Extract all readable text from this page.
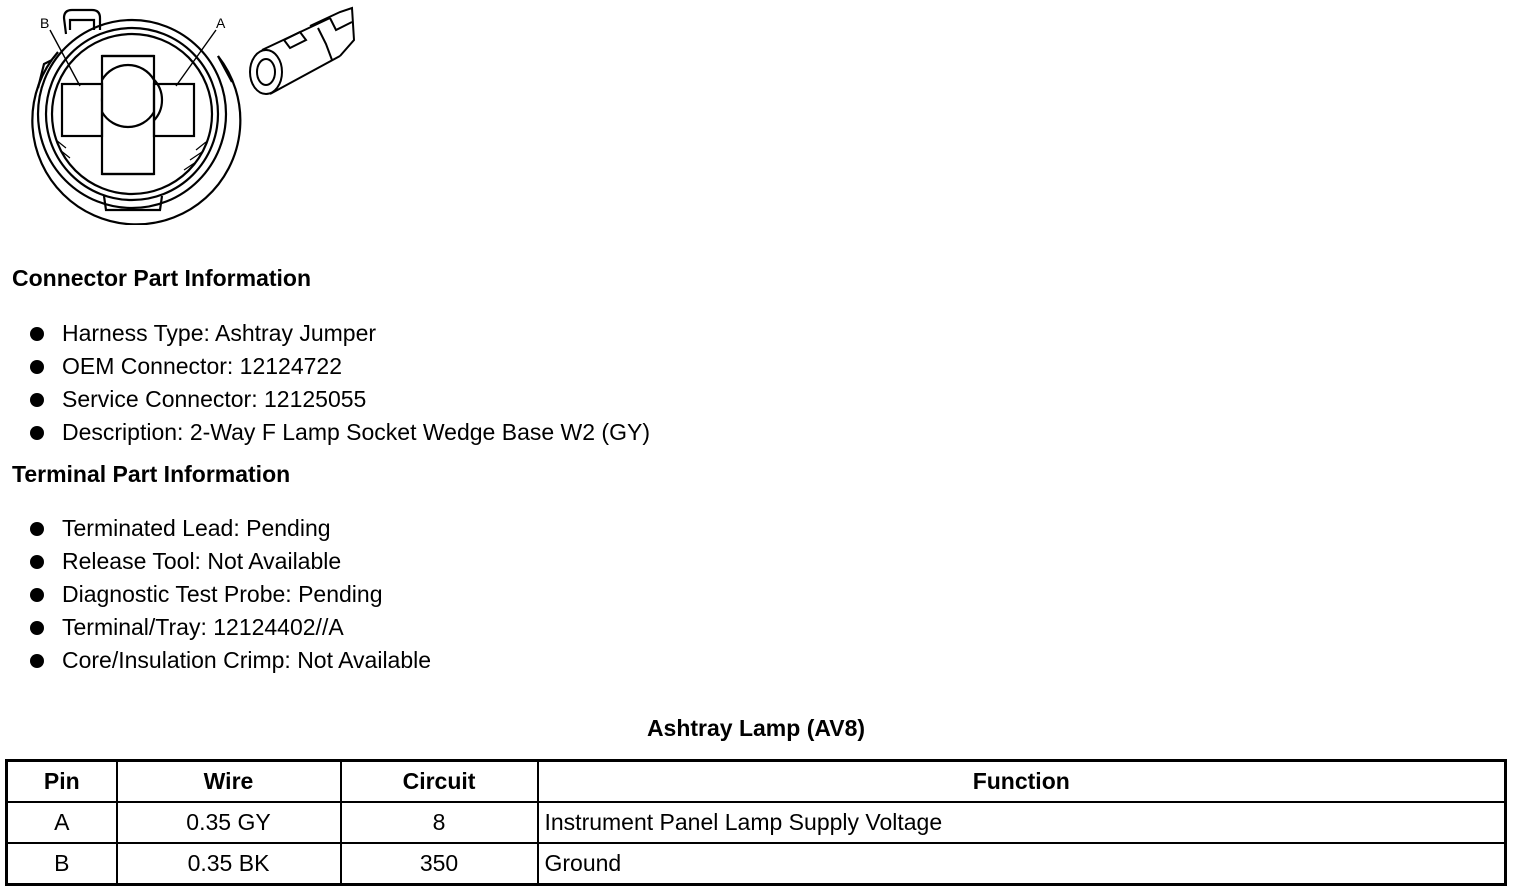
B	A
Connector Part Information
Harness Type: Ashtray Jumper
OEM Connector: 12124722
Service Connector: 12125055
Description: 2-Way F Lamp Socket Wedge Base W2 (GY)
Terminal Part Information
Terminated Lead: Pending
Release Tool: Not Available
Diagnostic Test Probe: Pending
Terminal/Tray: 12124402//A
Core/Insulation Crimp: Not Available
Ashtray Lamp (AV8)
Pin	Wire	Circuit	Function
A	0.35 GY	8	Instrument Panel Lamp Supply Voltage
B	0.35 BK	350	Ground
